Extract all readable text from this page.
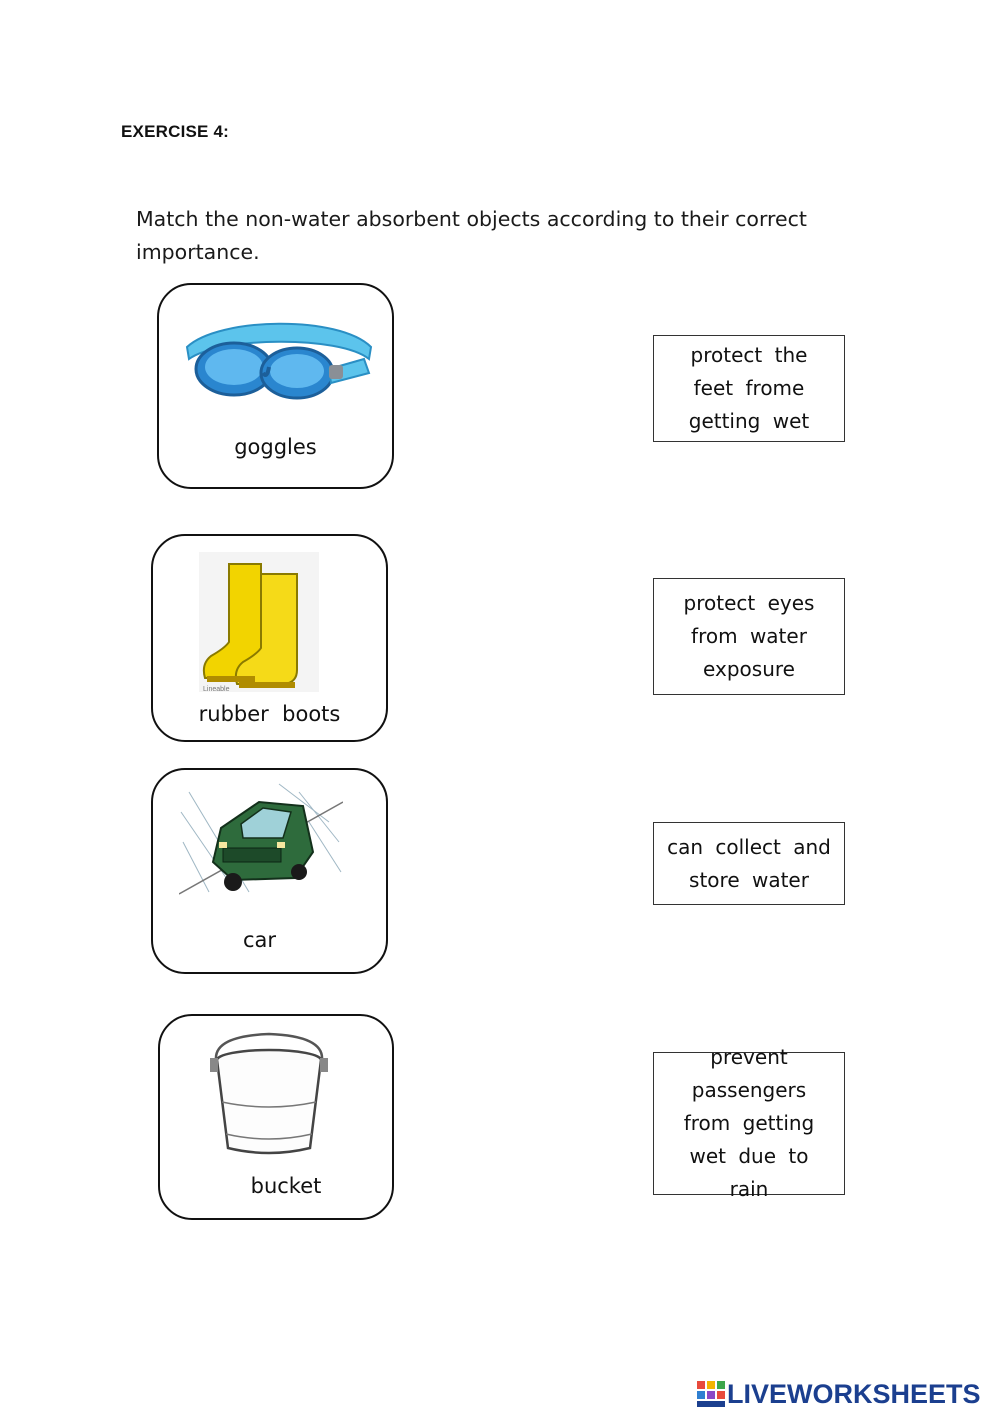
EXERCISE 4:
Match the non-water absorbent objects according to their correct importance.
goggles
Lineable
rubber  boots
car
bucket
protect the feet frome getting wet
protect eyes from water exposure
can collect and store water
prevent passengers from getting wet due to rain
LIVEWORKSHEETS
